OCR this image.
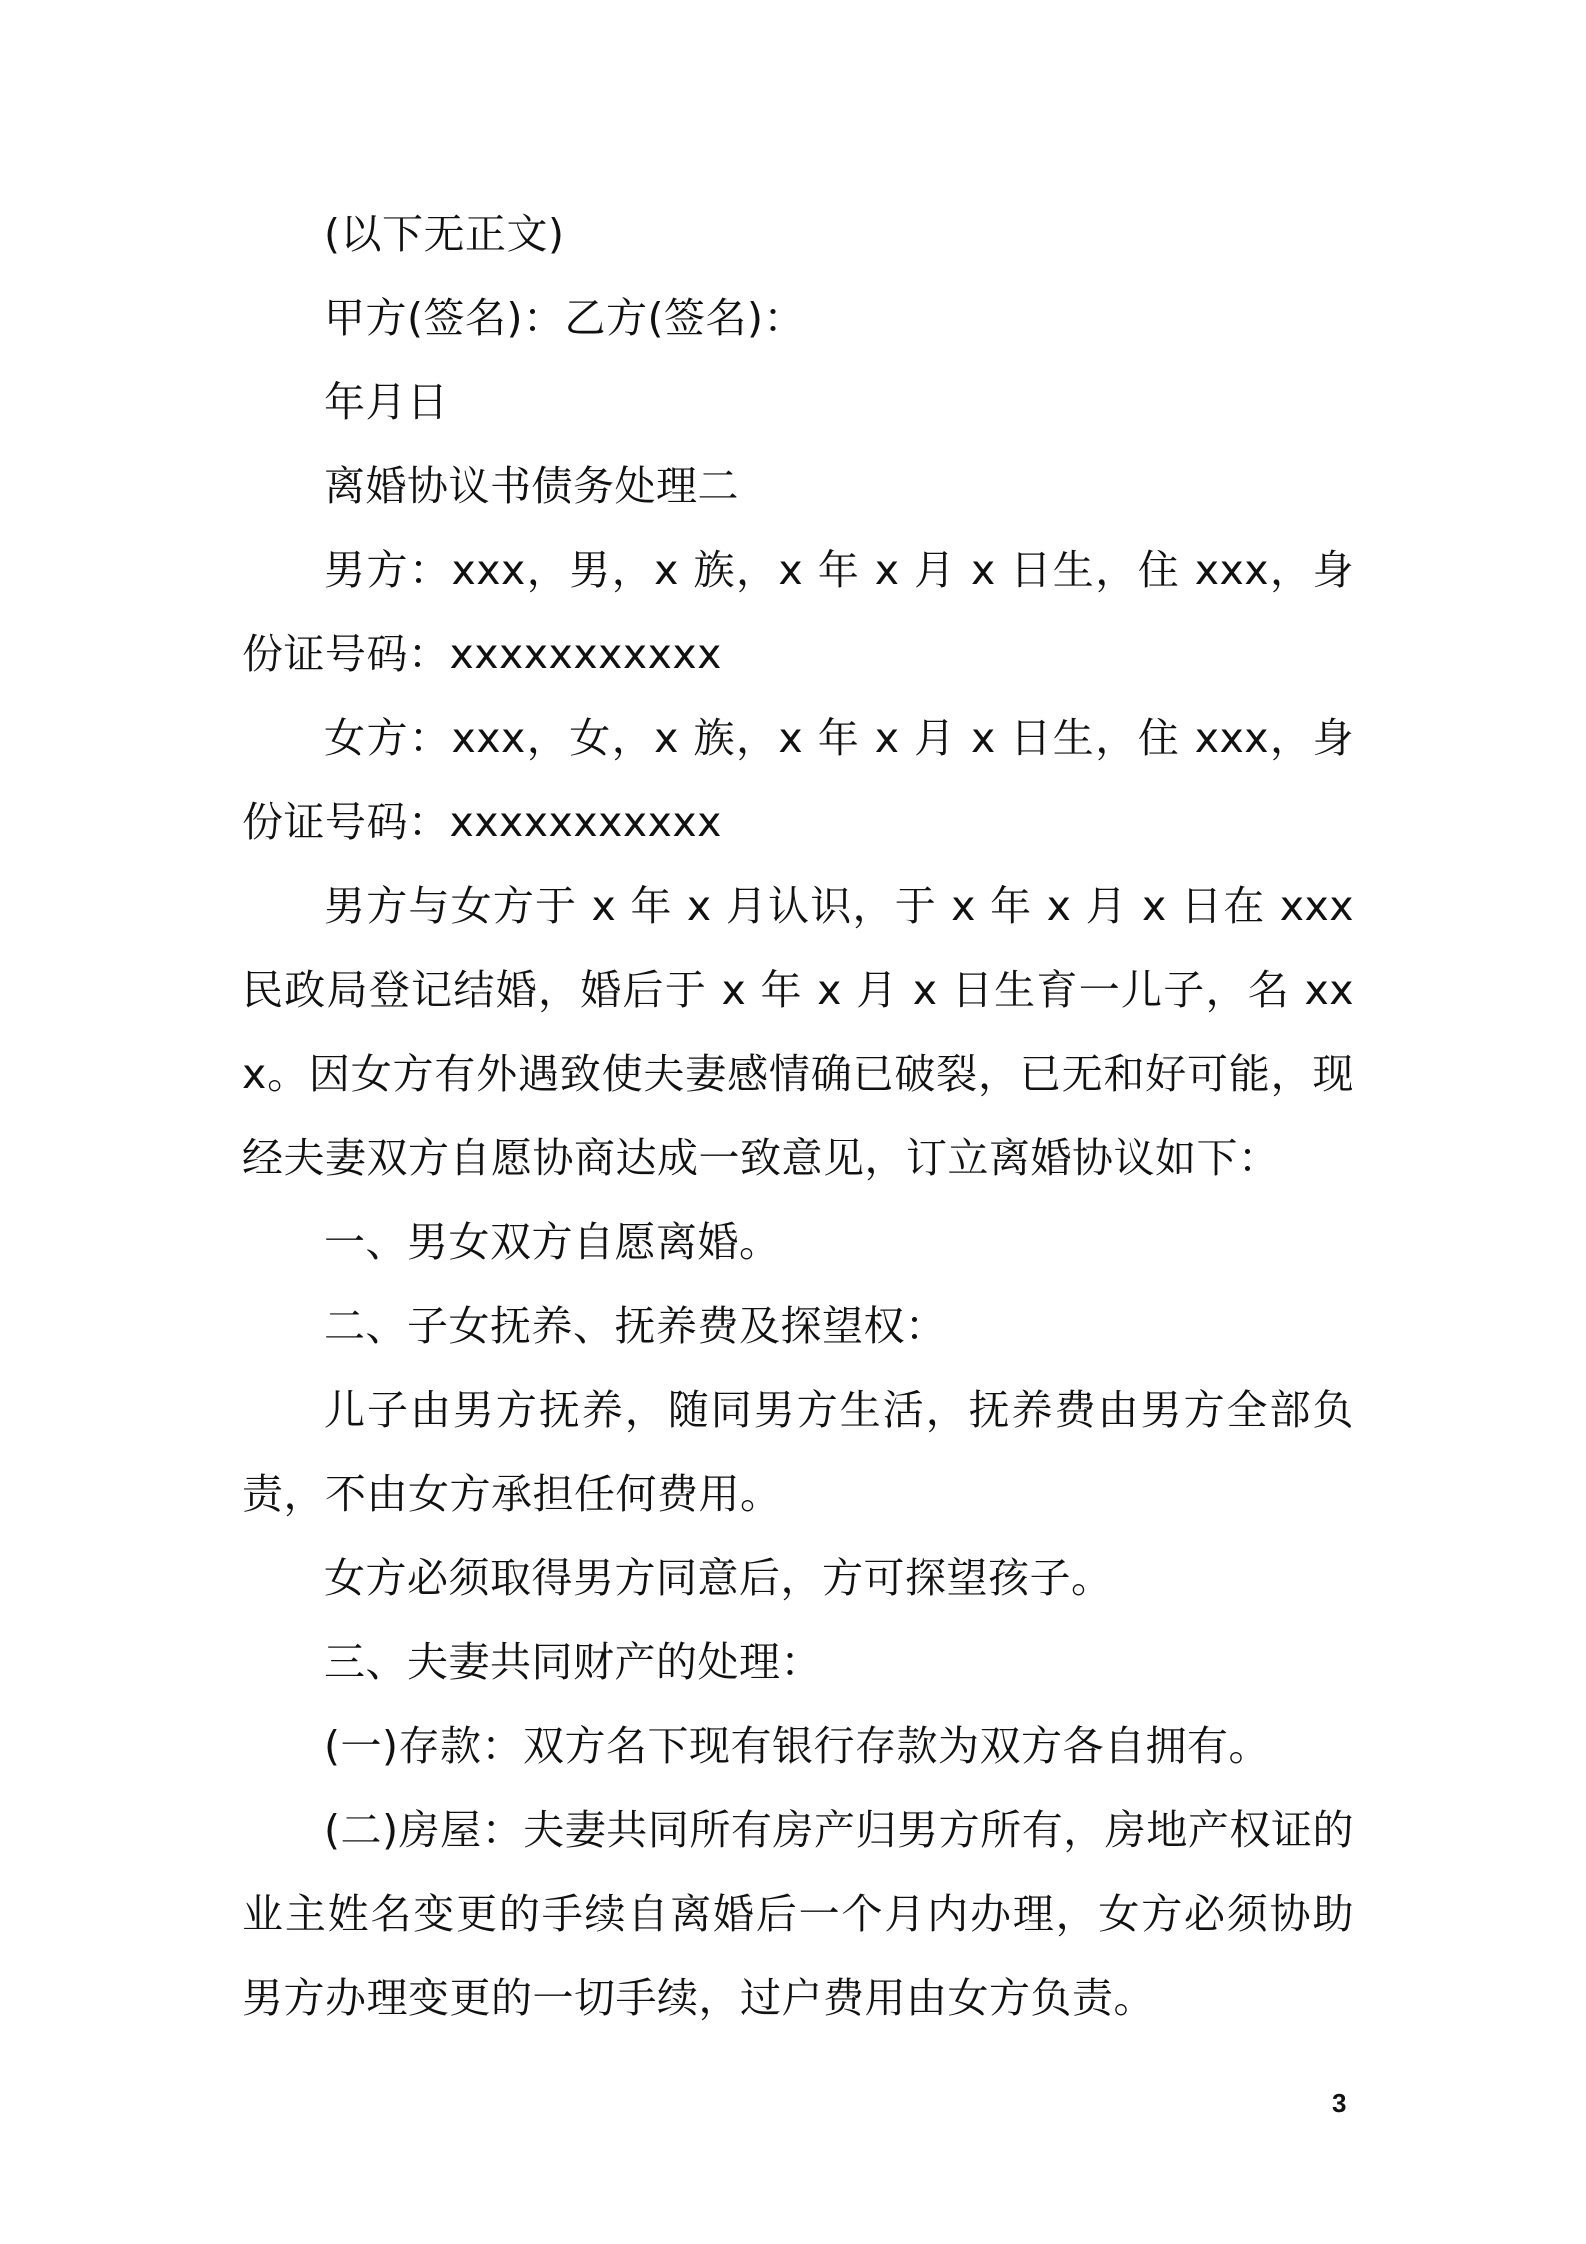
(以下无正文)

甲方(签名)：乙方(签名)：

年月日

离婚协议书债务处理二

男方：xxx，男，x 族，x 年 x 月 x 日生，住 xxx，身份证号码：xxxxxxxxxxx

女方：xxx，女，x 族，x 年 x 月 x 日生，住 xxx，身份证号码：xxxxxxxxxxx

男方与女方于 x 年 x 月认识，于 x 年 x 月 x 日在 xxx 民政局登记结婚，婚后于 x 年 x 月 x 日生育一儿子，名 xxx。因女方有外遇致使夫妻感情确已破裂，已无和好可能，现经夫妻双方自愿协商达成一致意见，订立离婚协议如下：

一、男女双方自愿离婚。

二、子女抚养、抚养费及探望权：

儿子由男方抚养，随同男方生活，抚养费由男方全部负责，不由女方承担任何费用。

女方必须取得男方同意后，方可探望孩子。

三、夫妻共同财产的处理：

(一)存款：双方名下现有银行存款为双方各自拥有。

(二)房屋：夫妻共同所有房产归男方所有，房地产权证的业主姓名变更的手续自离婚后一个月内办理，女方必须协助男方办理变更的一切手续，过户费用由女方负责。

3
